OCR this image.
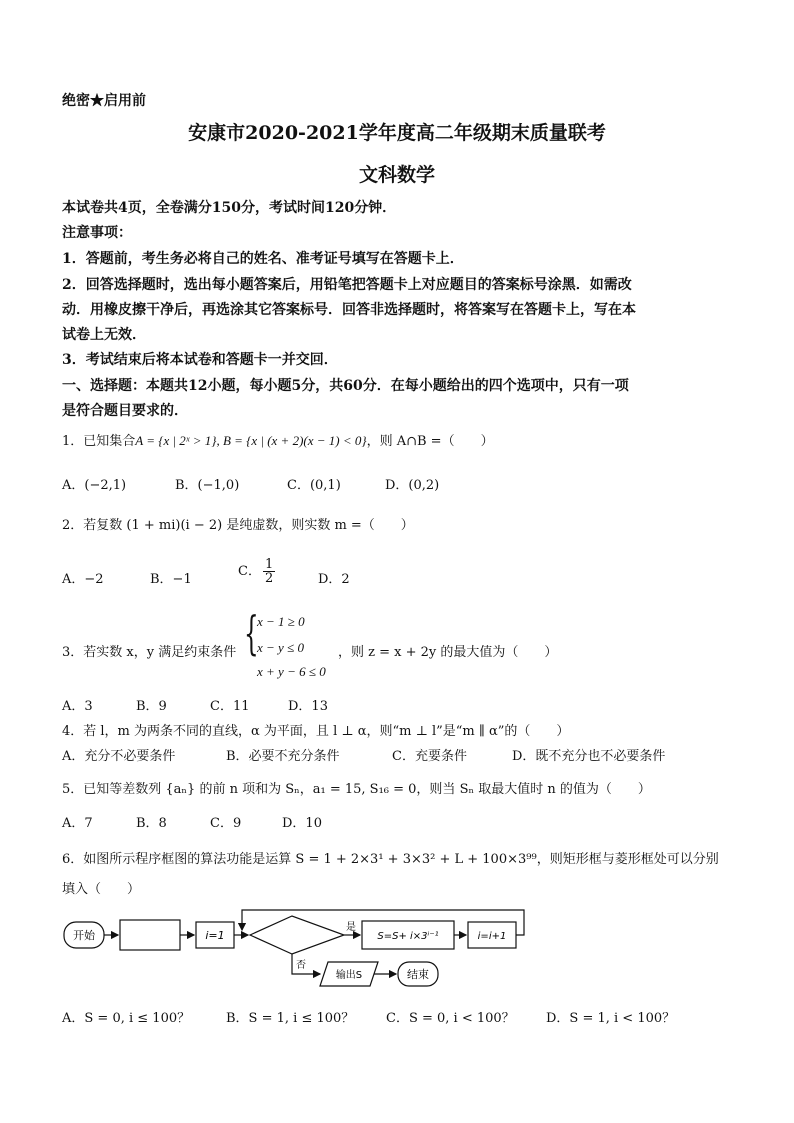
绝密★启用前
安康市2020-2021学年度高二年级期末质量联考
文科数学
本试卷共4页，全卷满分150分，考试时间120分钟．
注意事项：
1．答题前，考生务必将自己的姓名、准考证号填写在答题卡上．
2．回答选择题时，选出每小题答案后，用铅笔把答题卡上对应题目的答案标号涂黑．如需改
动．用橡皮擦干净后，再选涂其它答案标号．回答非选择题时，将答案写在答题卡上，写在本
试卷上无效．
3．考试结束后将本试卷和答题卡一并交回．
一、选择题：本题共12小题，每小题5分，共60分．在每小题给出的四个选项中，只有一项
是符合题目要求的．
1．已知集合A = {x | 2ˣ > 1}, B = {x | (x + 2)(x − 1) < 0}，则 A∩B =（　　）
A．(−2,1)	B．(−1,0)	C．(0,1)	D．(0,2)
2．若复数 (1 + mi)(i − 2) 是纯虚数，则实数 m =（　　）
A．−2	B．−1
C． $\frac{1}{2}$	D．2
3．若实数 x，y 满足约束条件 {
x − 1 ≥ 0
x − y ≤ 0
x + y − 6 ≤ 0
，则 z = x + 2y 的最大值为（　　）
A．3	B．9	C．11	D．13
4．若 l，m 为两条不同的直线，α 为平面，且 l ⊥ α，则“m ⊥ l”是“m ∥ α”的（　　）
A．充分不必要条件	B．必要不充分条件	C．充要条件	D．既不充分也不必要条件
5．已知等差数列 {aₙ} 的前 n 项和为 Sₙ，a₁ = 15, S₁₆ = 0，则当 Sₙ 取最大值时 n 的值为（　　）
A．7	B．8	C．9	D．10
6．如图所示程序框图的算法功能是运算 S = 1 + 2×3¹ + 3×3² + L + 100×3⁹⁹，则矩形框与菱形框处可以分别
填入（　　）
开始	i=1
是
S=S+ i×3ⁱ⁻¹	i=i+1
否
输出S	结束
A．S = 0, i ≤ 100？	B．S = 1, i ≤ 100？ C．S = 0, i < 100？ D．S = 1, i < 100？
